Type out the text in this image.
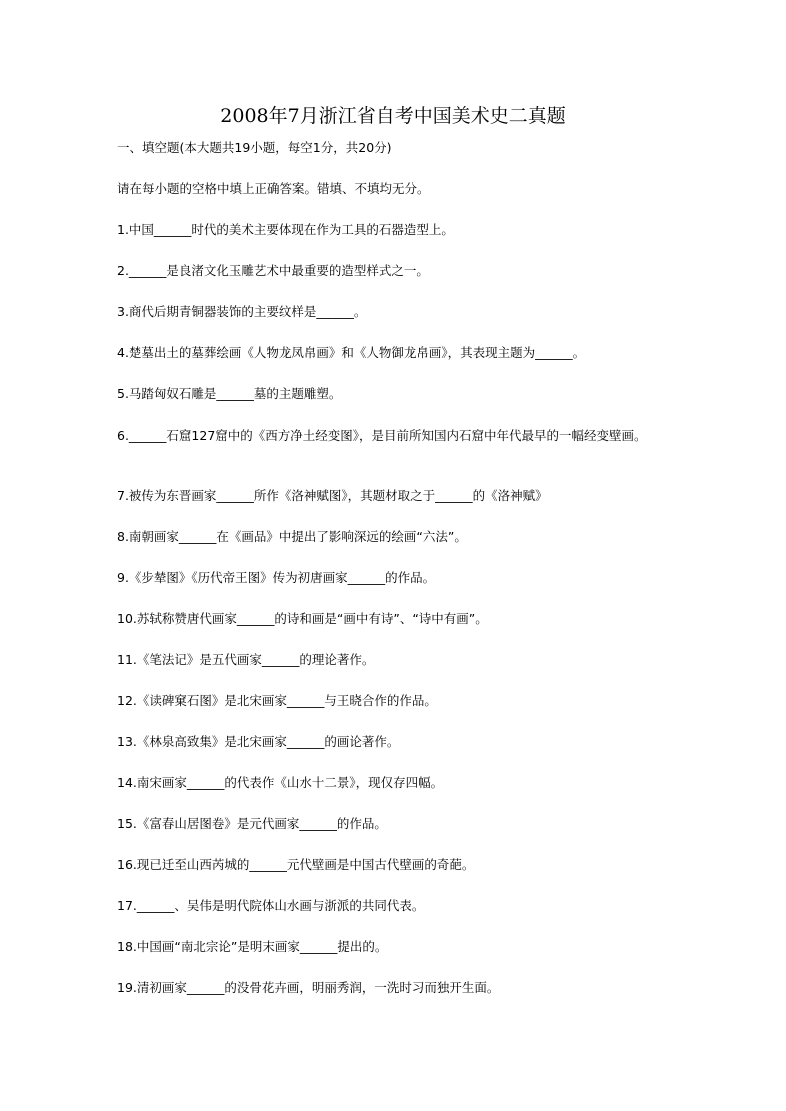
2008年7月浙江省自考中国美术史二真题
一、填空题(本大题共19小题，每空1分，共20分)
请在每小题的空格中填上正确答案。错填、不填均无分。
1.中国______时代的美术主要体现在作为工具的石器造型上。
2.______是良渚文化玉雕艺术中最重要的造型样式之一。
3.商代后期青铜器装饰的主要纹样是______。
4.楚墓出土的墓葬绘画《人物龙凤帛画》和《人物御龙帛画》，其表现主题为______。
5.马踏匈奴石雕是______墓的主题雕塑。
6.______石窟127窟中的《西方净土经变图》，是目前所知国内石窟中年代最早的一幅经变壁画。
7.被传为东晋画家______所作《洛神赋图》，其题材取之于______的《洛神赋》
8.南朝画家______在《画品》中提出了影响深远的绘画“六法”。
9.《步辇图》《历代帝王图》传为初唐画家______的作品。
10.苏轼称赞唐代画家______的诗和画是“画中有诗”、“诗中有画”。
11.《笔法记》是五代画家______的理论著作。
12.《读碑窠石图》是北宋画家______与王晓合作的作品。
13.《林泉高致集》是北宋画家______的画论著作。
14.南宋画家______的代表作《山水十二景》，现仅存四幅。
15.《富春山居图卷》是元代画家______的作品。
16.现已迁至山西芮城的______元代壁画是中国古代壁画的奇葩。
17.______、吴伟是明代院体山水画与浙派的共同代表。
18.中国画“南北宗论”是明末画家______提出的。
19.清初画家______的没骨花卉画，明丽秀润，一洗时习而独开生面。
